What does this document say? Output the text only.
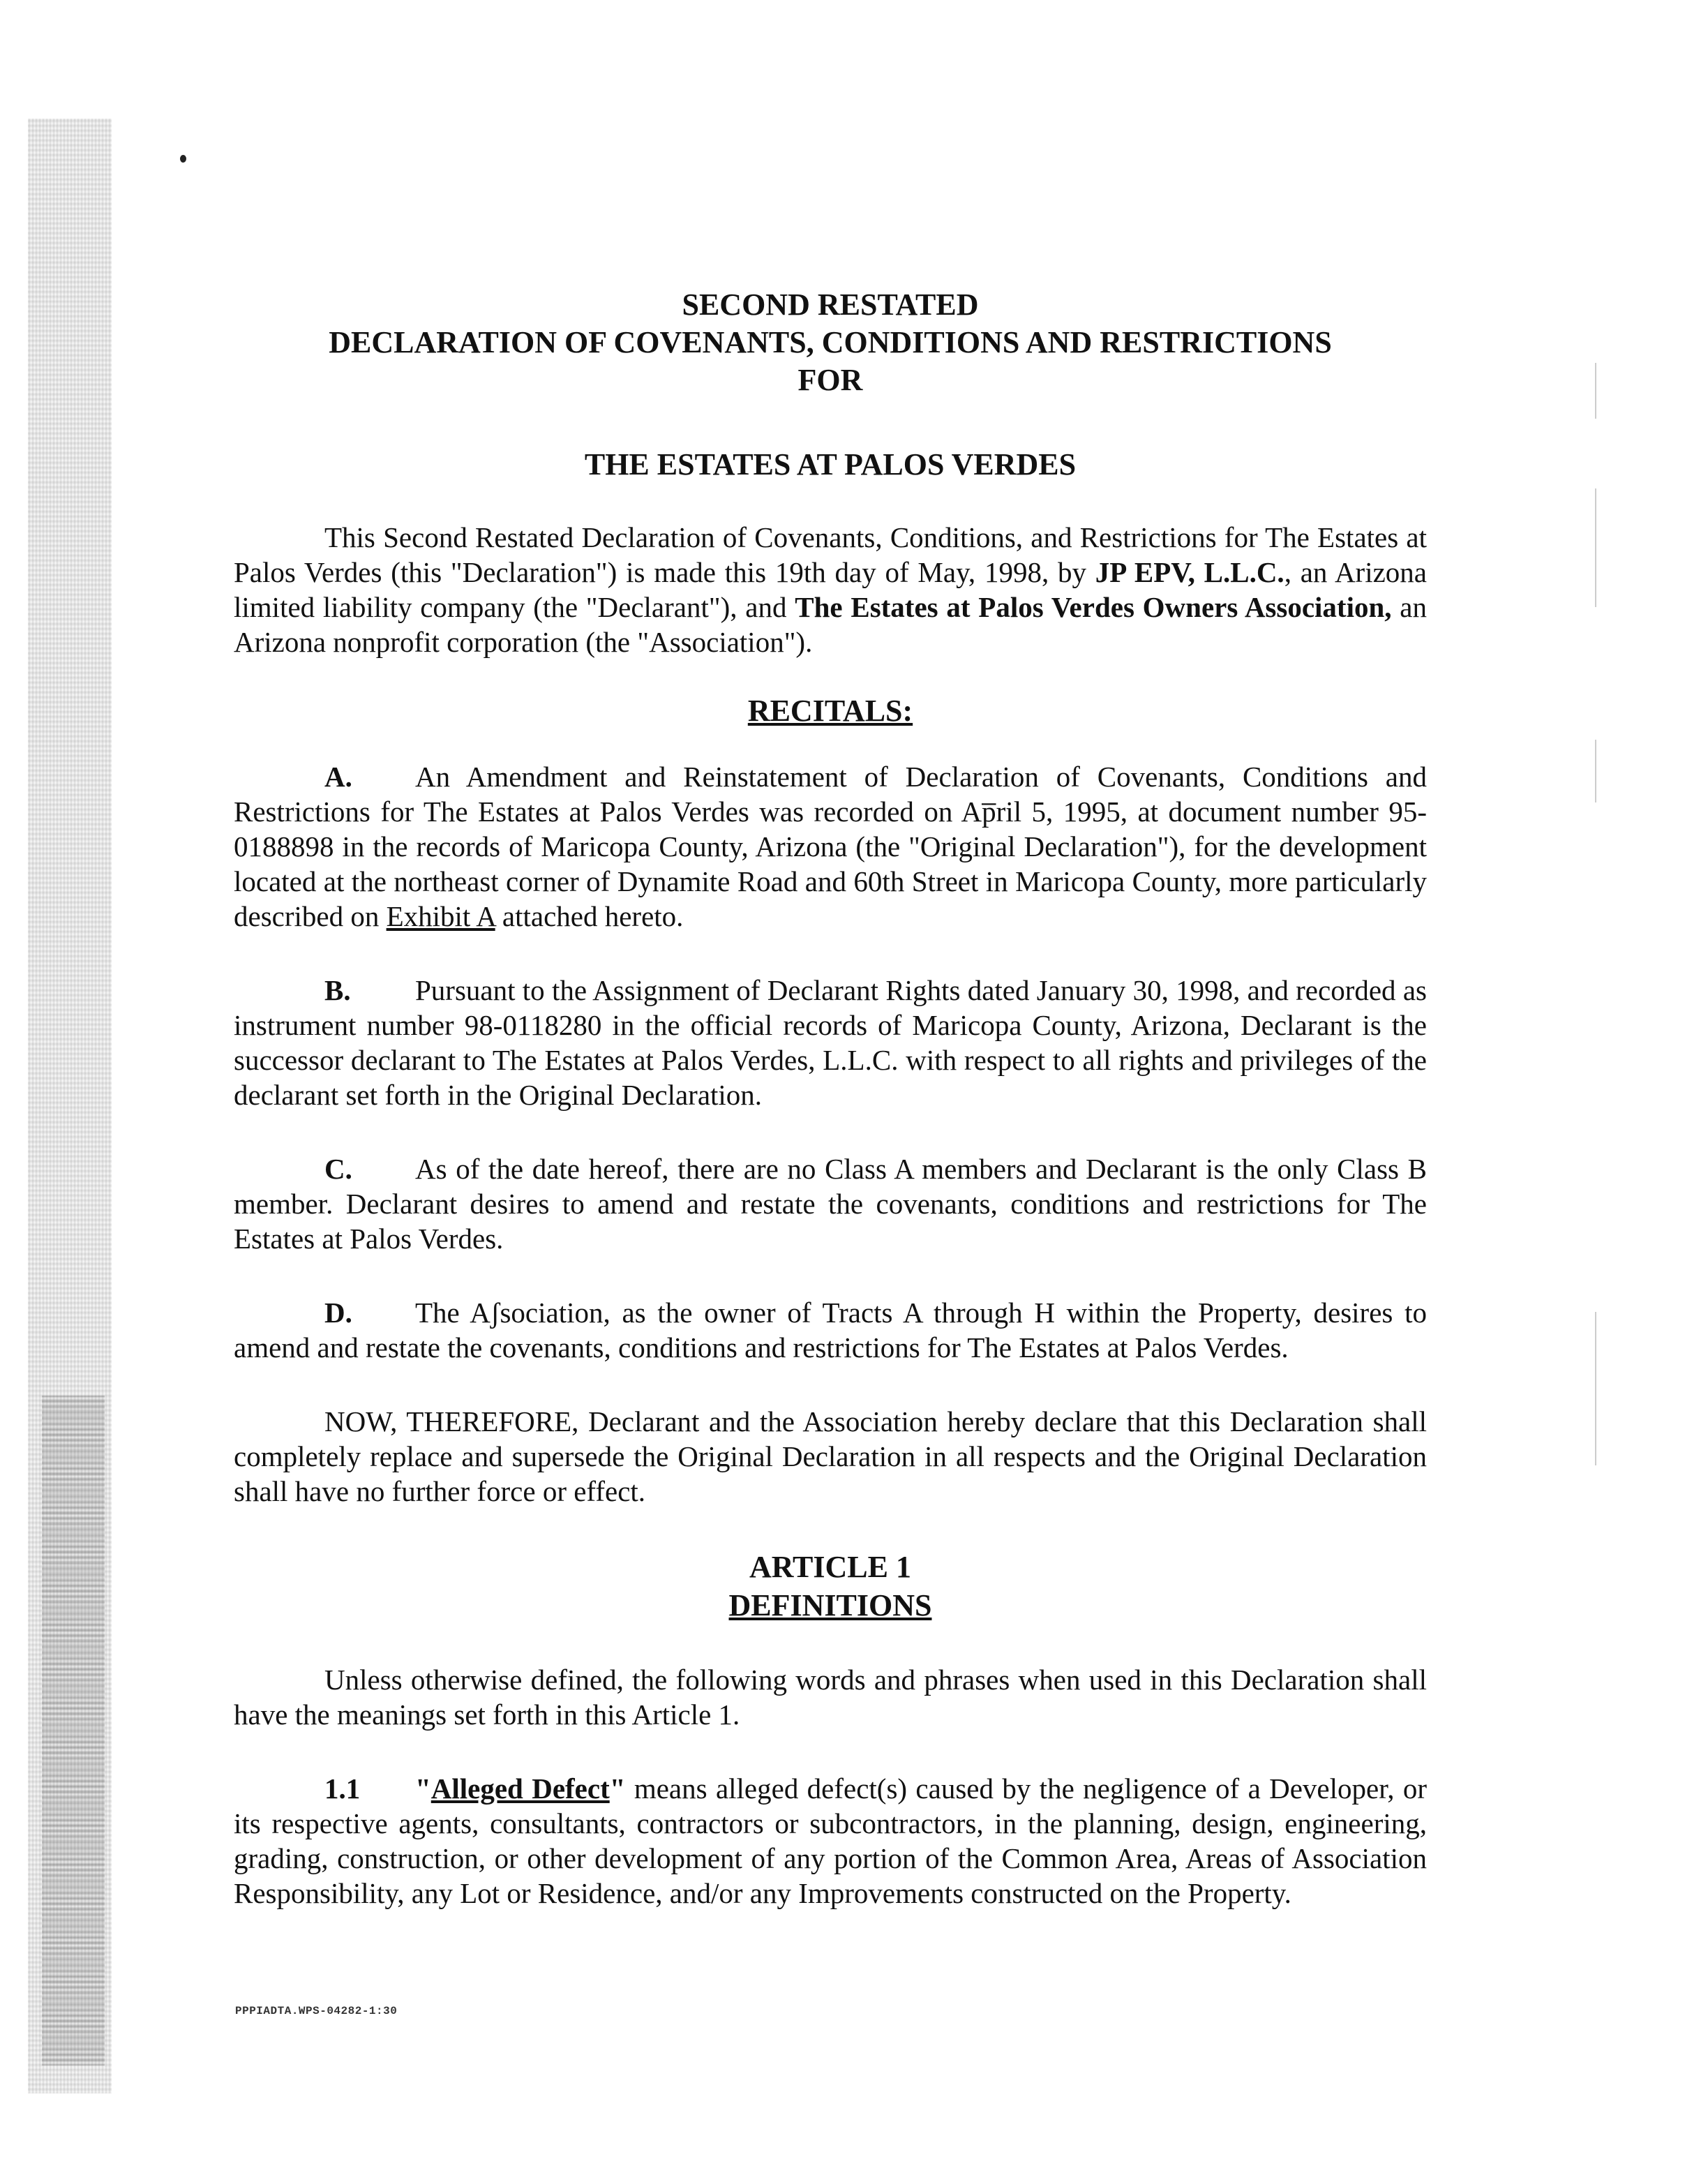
SECOND RESTATED
DECLARATION OF COVENANTS, CONDITIONS AND RESTRICTIONS
FOR
THE ESTATES AT PALOS VERDES

This Second Restated Declaration of Covenants, Conditions, and Restrictions for The Estates at Palos Verdes (this "Declaration") is made this 19th day of May, 1998, by JP EPV, L.L.C., an Arizona limited liability company (the "Declarant"), and The Estates at Palos Verdes Owners Association, an Arizona nonprofit corporation (the "Association").

RECITALS:

A. An Amendment and Reinstatement of Declaration of Covenants, Conditions and Restrictions for The Estates at Palos Verdes was recorded on Ap̅ril 5, 1995, at document number 95-0188898 in the records of Maricopa County, Arizona (the "Original Declaration"), for the development located at the northeast corner of Dynamite Road and 60th Street in Maricopa County, more particularly described on Exhibit A attached hereto.

B. Pursuant to the Assignment of Declarant Rights dated January 30, 1998, and recorded as instrument number 98-0118280 in the official records of Maricopa County, Arizona, Declarant is the successor declarant to The Estates at Palos Verdes, L.L.C. with respect to all rights and privileges of the declarant set forth in the Original Declaration.

C. As of the date hereof, there are no Class A members and Declarant is the only Class B member. Declarant desires to amend and restate the covenants, conditions and restrictions for The Estates at Palos Verdes.

D. The Aʃsociation, as the owner of Tracts A through H within the Property, desires to amend and restate the covenants, conditions and restrictions for The Estates at Palos Verdes.

NOW, THEREFORE, Declarant and the Association hereby declare that this Declaration shall completely replace and supersede the Original Declaration in all respects and the Original Declaration shall have no further force or effect.

ARTICLE 1
DEFINITIONS

Unless otherwise defined, the following words and phrases when used in this Declaration shall have the meanings set forth in this Article 1.

1.1 "Alleged Defect" means alleged defect(s) caused by the negligence of a Developer, or its respective agents, consultants, contractors or subcontractors, in the planning, design, engineering, grading, construction, or other development of any portion of the Common Area, Areas of Association Responsibility, any Lot or Residence, and/or any Improvements constructed on the Property.

PPPIADTA.WPS-04282-1:30
